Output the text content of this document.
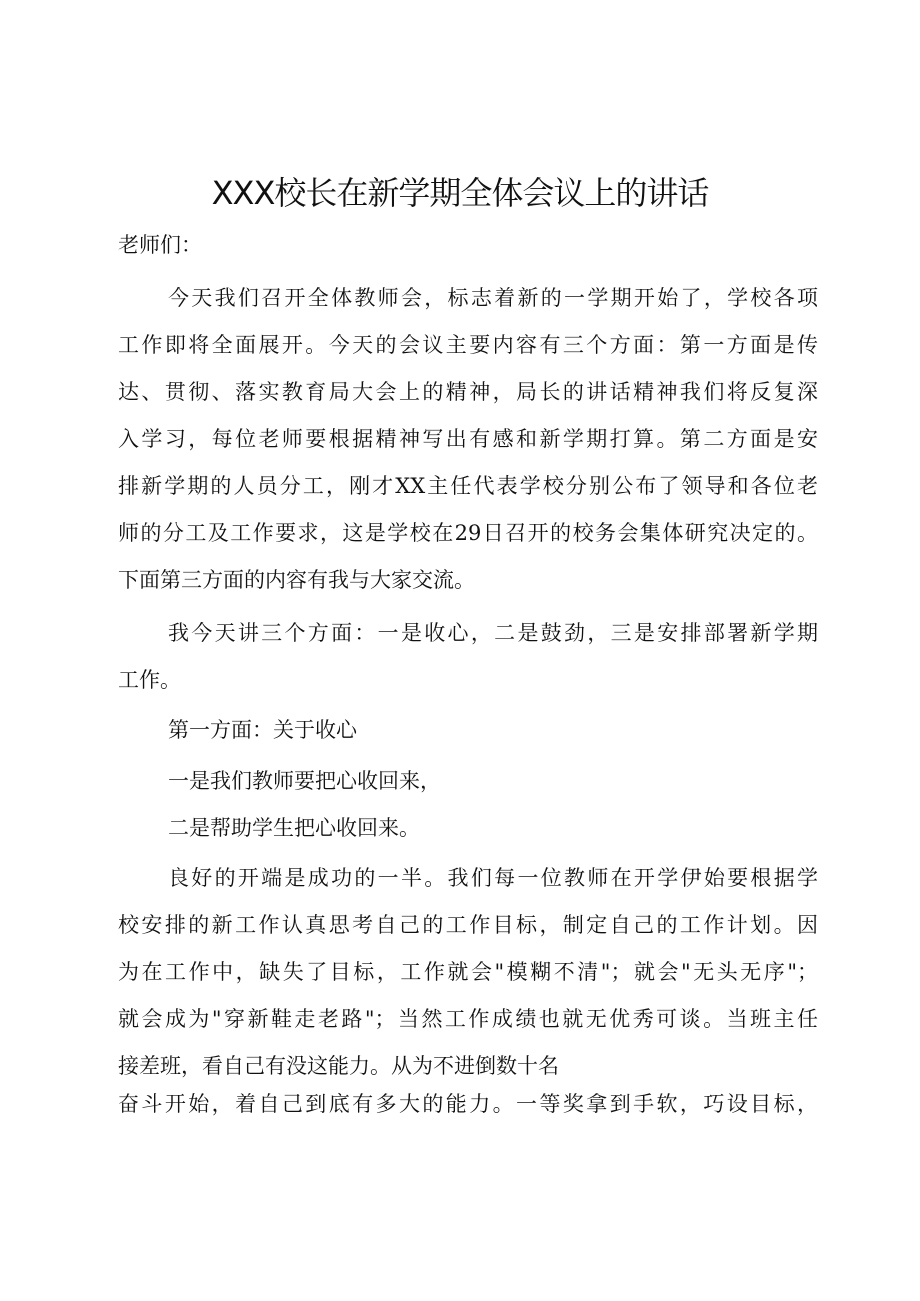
XXX校长在新学期全体会议上的讲话
老师们：
今天我们召开全体教师会，标志着新的一学期开始了，学校各项
工作即将全面展开。今天的会议主要内容有三个方面：第一方面是传
达、贯彻、落实教育局大会上的精神，局长的讲话精神我们将反复深
入学习，每位老师要根据精神写出有感和新学期打算。第二方面是安
排新学期的人员分工，刚才XX主任代表学校分别公布了领导和各位老
师的分工及工作要求，这是学校在29日召开的校务会集体研究决定的。
下面第三方面的内容有我与大家交流。
我今天讲三个方面：一是收心，二是鼓劲，三是安排部署新学期
工作。
第一方面：关于收心
一是我们教师要把心收回来，
二是帮助学生把心收回来。
良好的开端是成功的一半。我们每一位教师在开学伊始要根据学
校安排的新工作认真思考自己的工作目标，制定自己的工作计划。因
为在工作中，缺失了目标，工作就会"模糊不清"；就会"无头无序"；
就会成为"穿新鞋走老路"；当然工作成绩也就无优秀可谈。当班主任
接差班，看自己有没这能力。从为不进倒数十名
奋斗开始，着自己到底有多大的能力。一等奖拿到手软，巧设目标，
